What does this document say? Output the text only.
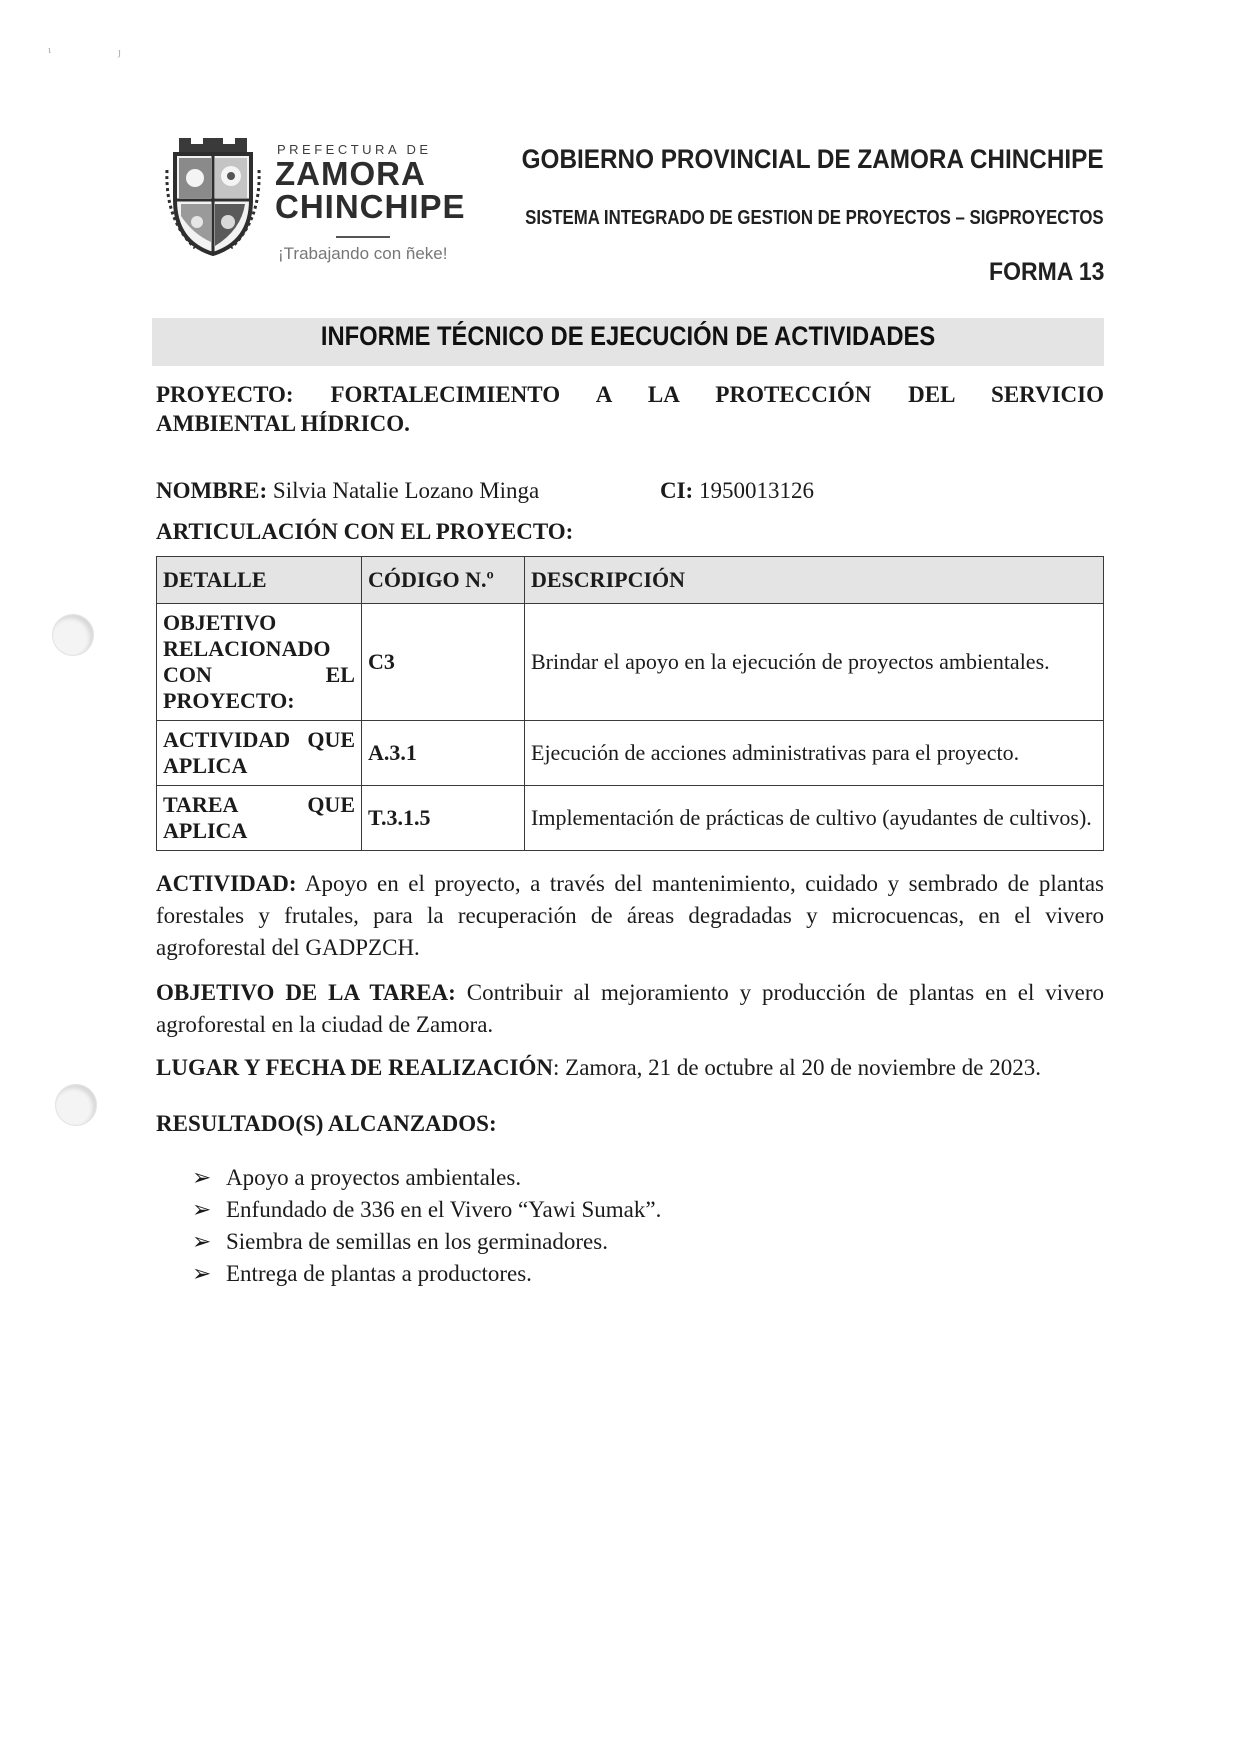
ι	ȷ
PREFECTURA DE
ZAMORA
CHINCHIPE
¡Trabajando con ñeke!
GOBIERNO PROVINCIAL DE ZAMORA CHINCHIPE
SISTEMA INTEGRADO DE GESTION DE PROYECTOS – SIGPROYECTOS
FORMA 13
INFORME TÉCNICO DE EJECUCIÓN DE ACTIVIDADES
PROYECTO: FORTALECIMIENTO A LA PROTECCIÓN DEL SERVICIO
AMBIENTAL HÍDRICO.
NOMBRE: Silvia Natalie Lozano Minga	CI: 1950013126
ARTICULACIÓN CON EL PROYECTO:
DETALLE	CÓDIGO N.º	DESCRIPCIÓN
OBJETIVO RELACIONADO CON EL PROYECTO:	C3	Brindar el apoyo en la ejecución de proyectos ambientales.
ACTIVIDAD QUE APLICA	A.3.1	Ejecución de acciones administrativas para el proyecto.
TAREA QUE APLICA	T.3.1.5	Implementación de prácticas de cultivo (ayudantes de cultivos).
ACTIVIDAD: Apoyo en el proyecto, a través del mantenimiento, cuidado y sembrado de plantas forestales y frutales, para la recuperación de áreas degradadas y microcuencas, en el vivero agroforestal del GADPZCH.
OBJETIVO DE LA TAREA: Contribuir al mejoramiento y producción de plantas en el vivero agroforestal en la ciudad de Zamora.
LUGAR Y FECHA DE REALIZACIÓN: Zamora, 21 de octubre al 20 de noviembre de 2023.
RESULTADO(S) ALCANZADOS:
➢ Apoyo a proyectos ambientales.
➢ Enfundado de 336 en el Vivero “Yawi Sumak”.
➢ Siembra de semillas en los germinadores.
➢ Entrega de plantas a productores.
